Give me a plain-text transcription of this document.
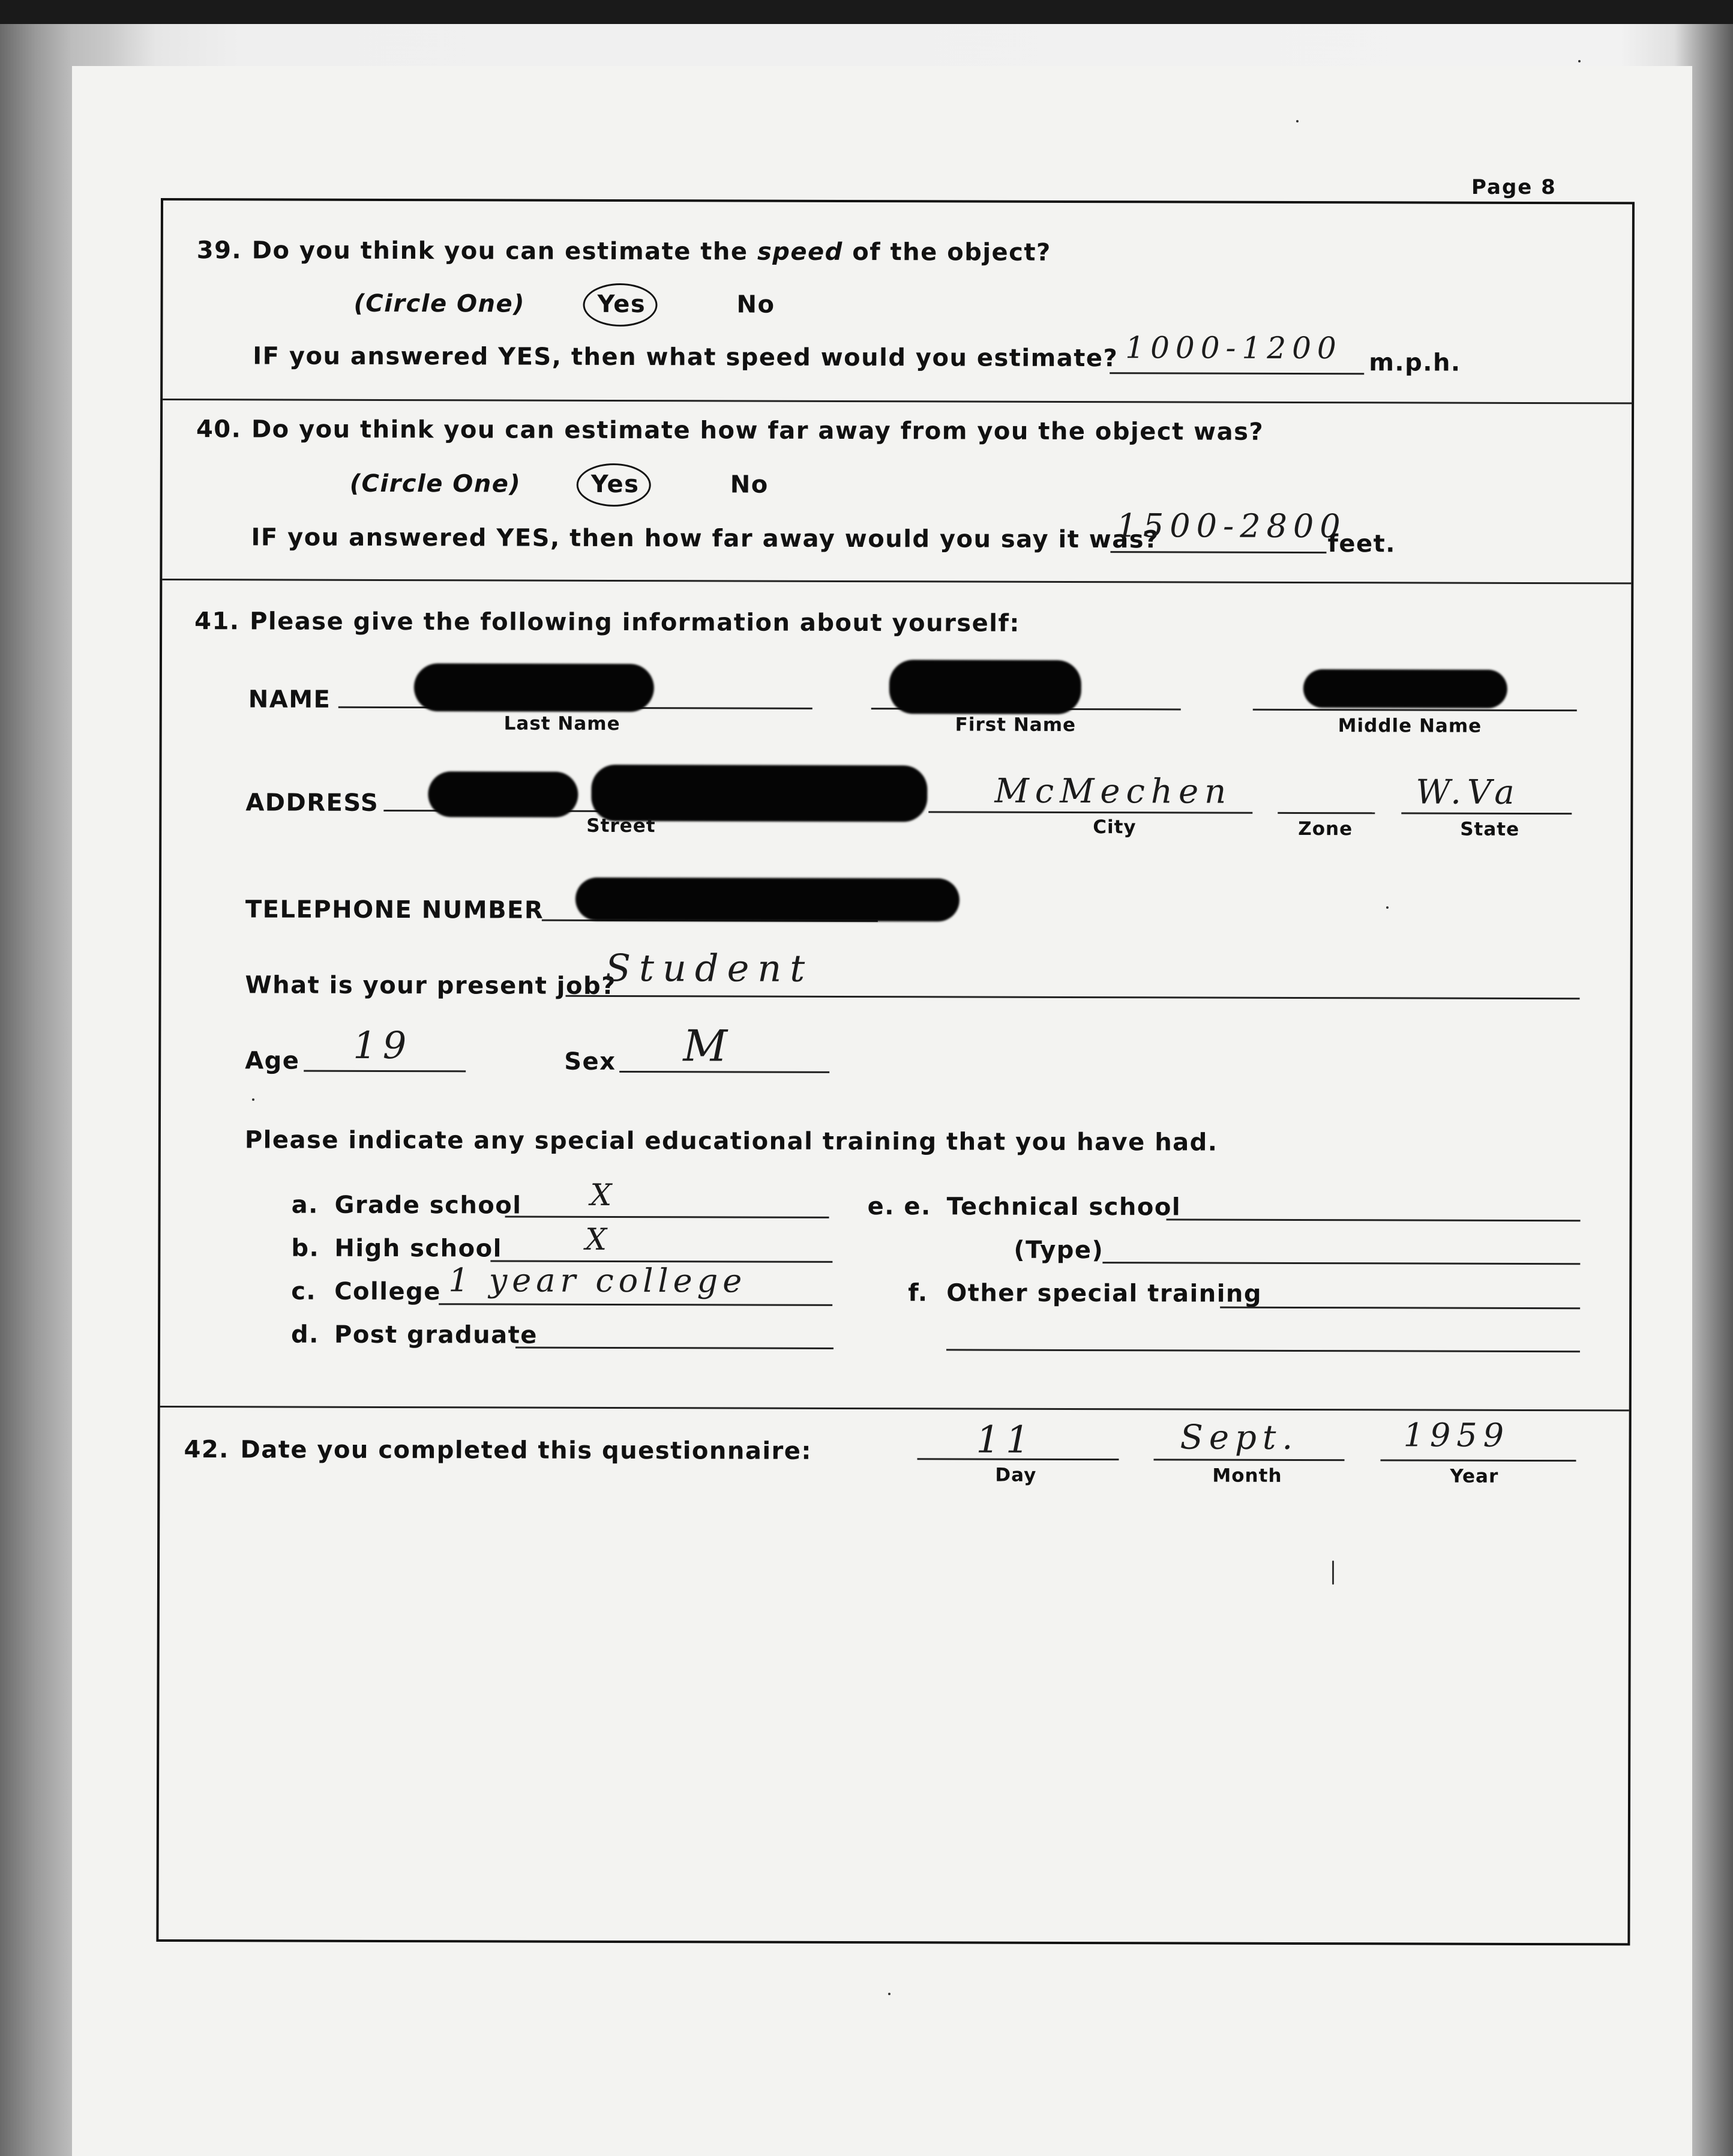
Page 8
39. Do you think you can estimate the speed of the object?
(Circle One)	Yes	No
IF you answered YES, then what speed would you estimate? 1000-1200 m.p.h.
40. Do you think you can estimate how far away from you the object was?
(Circle One)	Yes	No
IF you answered YES, then how far away would you say it was?
1500-2800
feet.
41. Please give the following information about yourself:
NAME
Last Name	First Name	Middle Name
ADDRESS
Street
McMechen
City	Zone
W.Va
State
TELEPHONE NUMBER
What is your present job?
Student
Age 19	Sex M
Please indicate any special educational training that you have had.
a. Grade school X
b. High school	X
c. College 1 year college
d. Post graduate
e. e. Technical school
(Type)
f. Other special training
42. Date you completed this questionnaire:	11	Sept.	1959
Day	Month	Year
